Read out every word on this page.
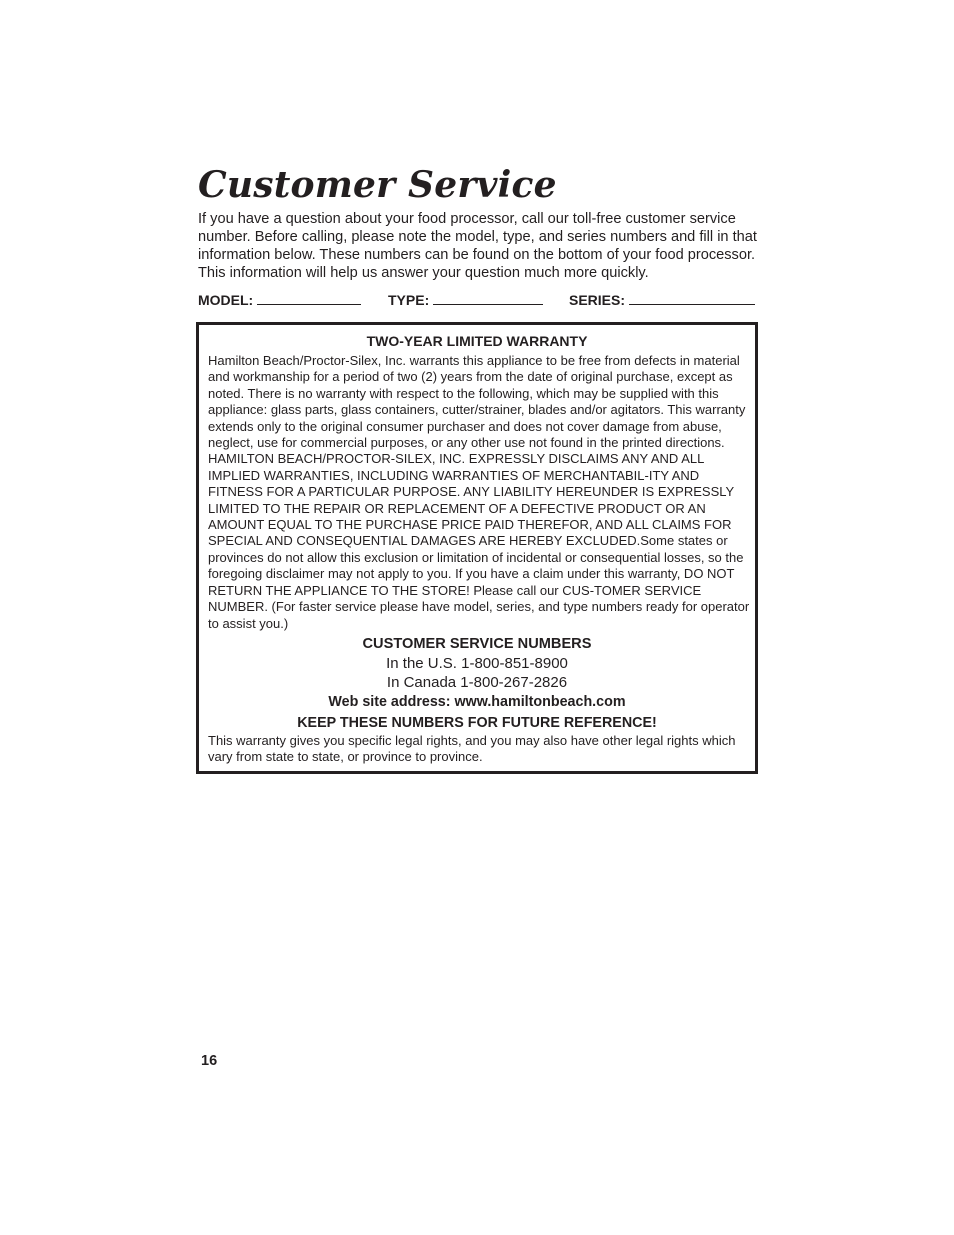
Customer Service

If you have a question about your food processor, call our toll-free customer service number. Before calling, please note the model, type, and series numbers and fill in that information below. These numbers can be found on the bottom of your food processor. This information will help us answer your question much more quickly.

MODEL:	TYPE:	SERIES:

TWO-YEAR LIMITED WARRANTY

Hamilton Beach/Proctor-Silex, Inc. warrants this appliance to be free from defects in material and workmanship for a period of two (2) years from the date of original purchase, except as noted. There is no warranty with respect to the following, which may be supplied with this appliance: glass parts, glass containers, cutter/strainer, blades and/or agitators. This warranty extends only to the original consumer purchaser and does not cover damage from abuse, neglect, use for commercial purposes, or any other use not found in the printed directions. HAMILTON BEACH/PROCTOR-SILEX, INC. EXPRESSLY DISCLAIMS ANY AND ALL IMPLIED WARRANTIES, INCLUDING WARRANTIES OF MERCHANTABIL-ITY AND FITNESS FOR A PARTICULAR PURPOSE. ANY LIABILITY HEREUNDER IS EXPRESSLY LIMITED TO THE REPAIR OR REPLACEMENT OF A DEFECTIVE PRODUCT OR AN AMOUNT EQUAL TO THE PURCHASE PRICE PAID THEREFOR, AND ALL CLAIMS FOR SPECIAL AND CONSEQUENTIAL DAMAGES ARE HEREBY EXCLUDED.Some states or provinces do not allow this exclusion or limitation of incidental or consequential losses, so the foregoing disclaimer may not apply to you. If you have a claim under this warranty, DO NOT RETURN THE APPLIANCE TO THE STORE! Please call our CUS-TOMER SERVICE NUMBER. (For faster service please have model, series, and type numbers ready for operator to assist you.)

CUSTOMER SERVICE NUMBERS

In the U.S. 1-800-851-8900

In Canada 1-800-267-2826

Web site address: www.hamiltonbeach.com

KEEP THESE NUMBERS FOR FUTURE REFERENCE!

This warranty gives you specific legal rights, and you may also have other legal rights which vary from state to state, or province to province.

16
